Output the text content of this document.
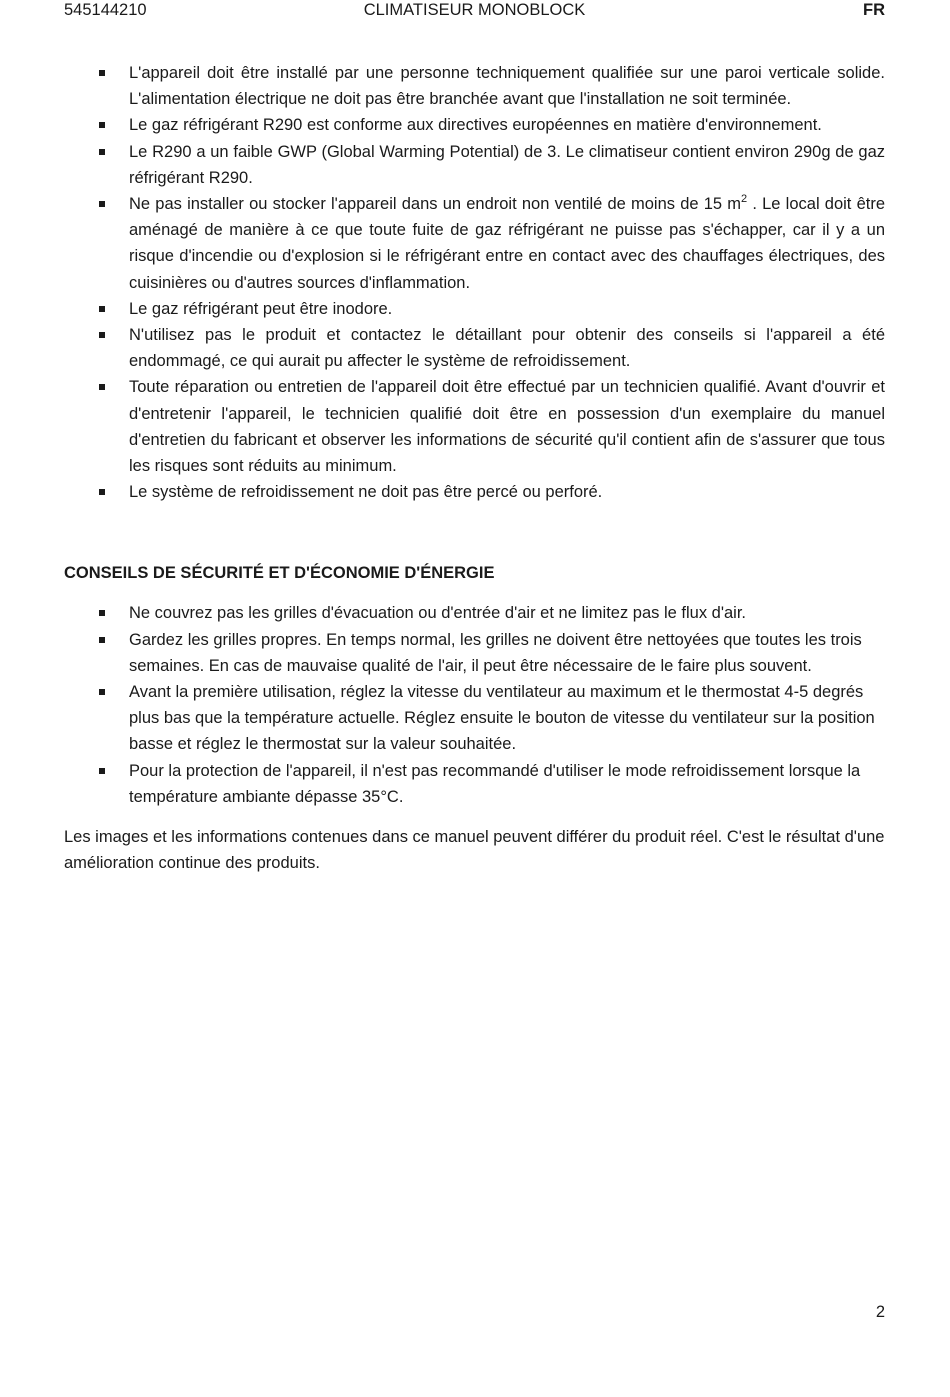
545144210	CLIMATISEUR MONOBLOCK	FR
L'appareil doit être installé par une personne techniquement qualifiée sur une paroi verticale solide. L'alimentation électrique ne doit pas être branchée avant que l'installation ne soit terminée.
Le gaz réfrigérant R290 est conforme aux directives européennes en matière d'environnement.
Le R290 a un faible GWP (Global Warming Potential) de 3. Le climatiseur contient environ 290g de gaz réfrigérant R290.
Ne pas installer ou stocker l'appareil dans un endroit non ventilé de moins de 15 $m^2$ . Le local doit être aménagé de manière à ce que toute fuite de gaz réfrigérant ne puisse pas s'échapper, car il y a un risque d'incendie ou d'explosion si le réfrigérant entre en contact avec des chauffages électriques, des cuisinières ou d'autres sources d'inflammation.
Le gaz réfrigérant peut être inodore.
N'utilisez pas le produit et contactez le détaillant pour obtenir des conseils si l'appareil a été endommagé, ce qui aurait pu affecter le système de refroidissement.
Toute réparation ou entretien de l'appareil doit être effectué par un technicien qualifié. Avant d'ouvrir et d'entretenir l'appareil, le technicien qualifié doit être en possession d'un exemplaire du manuel d'entretien du fabricant et observer les informations de sécurité qu'il contient afin de s'assurer que tous les risques sont réduits au minimum.
Le système de refroidissement ne doit pas être percé ou perforé.
CONSEILS DE SÉCURITÉ ET D'ÉCONOMIE D'ÉNERGIE
Ne couvrez pas les grilles d'évacuation ou d'entrée d'air et ne limitez pas le flux d'air.
Gardez les grilles propres. En temps normal, les grilles ne doivent être nettoyées que toutes les trois semaines. En cas de mauvaise qualité de l'air, il peut être nécessaire de le faire plus souvent.
Avant la première utilisation, réglez la vitesse du ventilateur au maximum et le thermostat 4-5 degrés plus bas que la température actuelle. Réglez ensuite le bouton de vitesse du ventilateur sur la position basse et réglez le thermostat sur la valeur souhaitée.
Pour la protection de l'appareil, il n'est pas recommandé d'utiliser le mode refroidissement lorsque la température ambiante dépasse 35°C.
Les images et les informations contenues dans ce manuel peuvent différer du produit réel. C'est le résultat d'une amélioration continue des produits.
2
